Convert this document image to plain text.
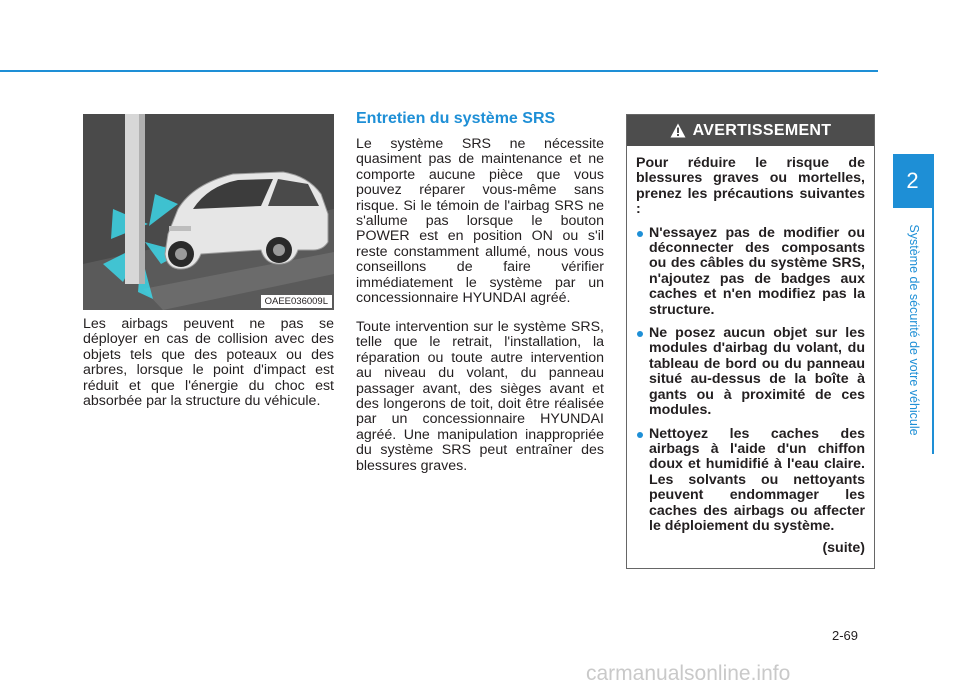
2
Système de sécurité de votre véhicule
OAEE036009L

Les airbags peuvent ne pas se déployer en cas de collision avec des objets tels que des poteaux ou des arbres, lorsque le point d'impact est réduit et que l'énergie du choc est absorbée par la structure du véhicule.

Entretien du système SRS

Le système SRS ne nécessite quasiment pas de maintenance et ne comporte aucune pièce que vous pouvez réparer vous-même sans risque. Si le témoin de l'airbag SRS ne s'allume pas lorsque le bouton POWER est en position ON ou s'il reste constamment allumé, nous vous conseillons de faire vérifier immédiatement le système par un concessionnaire HYUNDAI agréé.

Toute intervention sur le système SRS, telle que le retrait, l'installation, la réparation ou toute autre intervention au niveau du volant, du panneau passager avant, des sièges avant et des longerons de toit, doit être réalisée par un concessionnaire HYUNDAI agréé. Une manipulation inappropriée du système SRS peut entraîner des blessures graves.

AVERTISSEMENT

Pour réduire le risque de blessures graves ou mortelles, prenez les précautions suivantes :

N'essayez pas de modifier ou déconnecter des composants ou des câbles du système SRS, n'ajoutez pas de badges aux caches et n'en modifiez pas la structure.
Ne posez aucun objet sur les modules d'airbag du volant, du tableau de bord ou du panneau situé au-dessus de la boîte à gants ou à proximité de ces modules.
Nettoyez les caches des airbags à l'aide d'un chiffon doux et humidifié à l'eau claire. Les solvants ou nettoyants peuvent endommager les caches des airbags ou affecter le déploiement du système.
(suite)
2-69
carmanualsonline.info
